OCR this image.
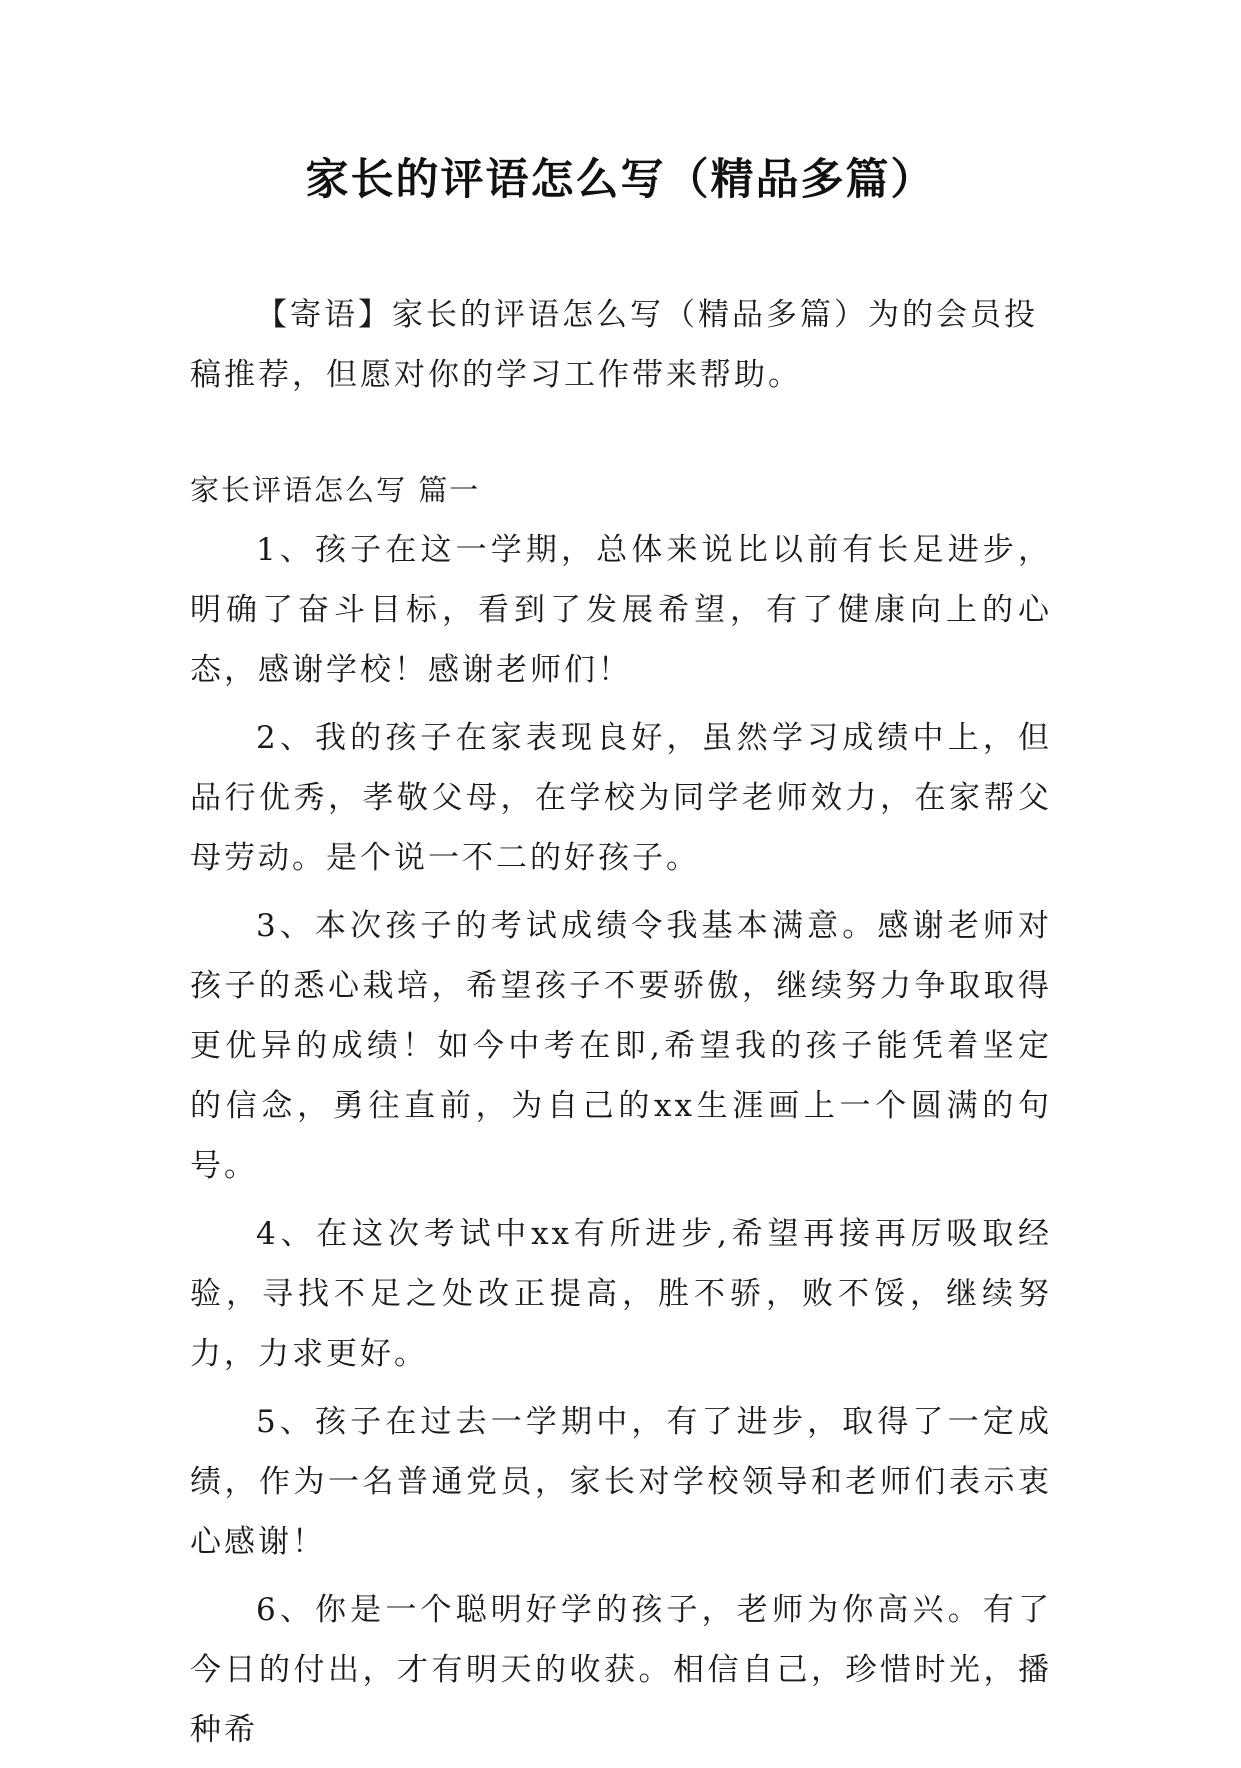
家长的评语怎么写（精品多篇）

【寄语】家长的评语怎么写（精品多篇）为的会员投稿推荐，但愿对你的学习工作带来帮助。

家长评语怎么写 篇一

1、孩子在这一学期，总体来说比以前有长足进步，明确了奋斗目标，看到了发展希望，有了健康向上的心态，感谢学校！感谢老师们！
2、我的孩子在家表现良好，虽然学习成绩中上，但品行优秀，孝敬父母，在学校为同学老师效力，在家帮父母劳动。是个说一不二的好孩子。
3、本次孩子的考试成绩令我基本满意。感谢老师对孩子的悉心栽培，希望孩子不要骄傲，继续努力争取取得更优异的成绩！如今中考在即,希望我的孩子能凭着坚定的信念，勇往直前，为自己的xx生涯画上一个圆满的句号。
4、在这次考试中xx有所进步,希望再接再厉吸取经验，寻找不足之处改正提高，胜不骄，败不馁，继续努力，力求更好。
5、孩子在过去一学期中，有了进步，取得了一定成绩，作为一名普通党员，家长对学校领导和老师们表示衷心感谢！
6、你是一个聪明好学的孩子，老师为你高兴。有了今日的付出，才有明天的收获。相信自己，珍惜时光，播种希
